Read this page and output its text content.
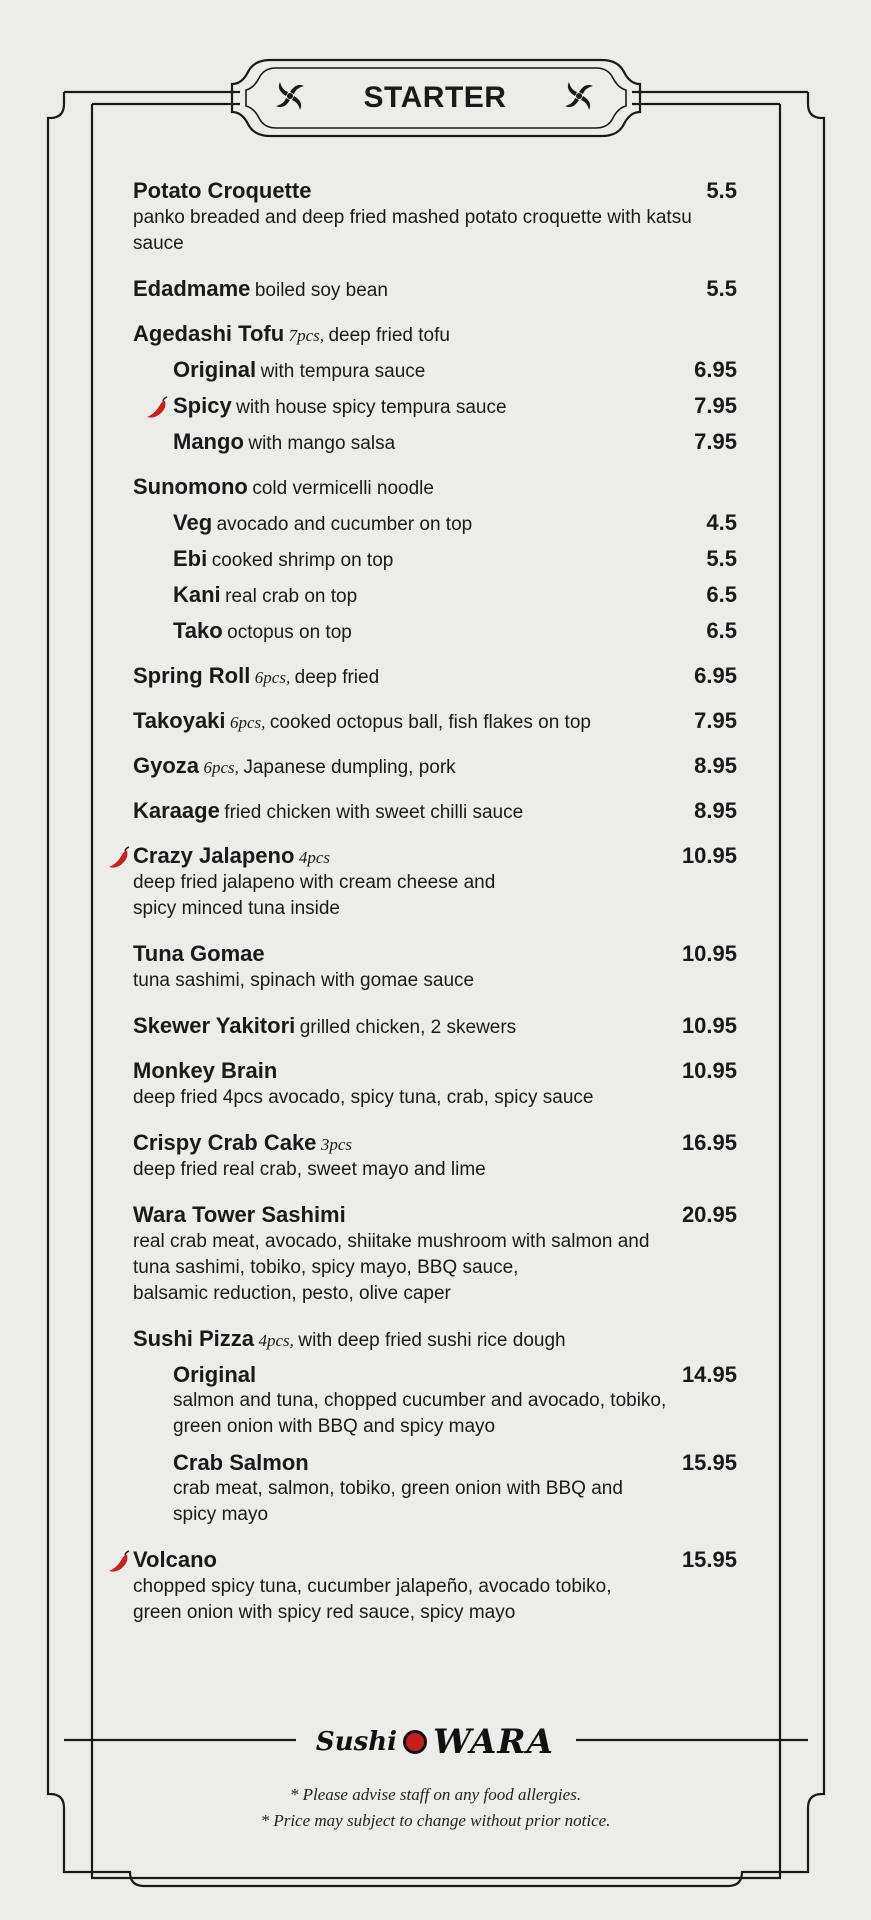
STARTER
Potato Croquette	5.5
panko breaded and deep fried mashed potato croquette with katsu sauce
Edadmame boiled soy bean	5.5
Agedashi Tofu 7pcs, deep fried tofu
Original with tempura sauce	6.95
Spicy with house spicy tempura sauce	7.95
Mango with mango salsa	7.95
Sunomono cold vermicelli noodle
Veg avocado and cucumber on top	4.5
Ebi cooked shrimp on top	5.5
Kani real crab on top	6.5
Tako octopus on top	6.5
Spring Roll 6pcs, deep fried	6.95
Takoyaki 6pcs, cooked octopus ball, fish flakes on top	7.95
Gyoza 6pcs, Japanese dumpling, pork	8.95
Karaage fried chicken with sweet chilli sauce	8.95
Crazy Jalapeno 4pcs	10.95
deep fried jalapeno with cream cheese and
spicy minced tuna inside
Tuna Gomae	10.95
tuna sashimi, spinach with gomae sauce
Skewer Yakitori grilled chicken, 2 skewers	10.95
Monkey Brain	10.95
deep fried 4pcs avocado, spicy tuna, crab, spicy sauce
Crispy Crab Cake 3pcs	16.95
deep fried real crab, sweet mayo and lime
Wara Tower Sashimi	20.95
real crab meat, avocado, shiitake mushroom with salmon and
tuna sashimi, tobiko, spicy mayo, BBQ sauce,
balsamic reduction, pesto, olive caper
Sushi Pizza 4pcs, with deep fried sushi rice dough
Original	14.95
salmon and tuna, chopped cucumber and avocado, tobiko,
green onion with BBQ and spicy mayo
Crab Salmon	15.95
crab meat, salmon, tobiko, green onion with BBQ and
spicy mayo
Volcano	15.95
chopped spicy tuna, cucumber jalapeño, avocado tobiko,
green onion with spicy red sauce, spicy mayo
Sushi WARA
* Please advise staff on any food allergies.
* Price may subject to change without prior notice.
